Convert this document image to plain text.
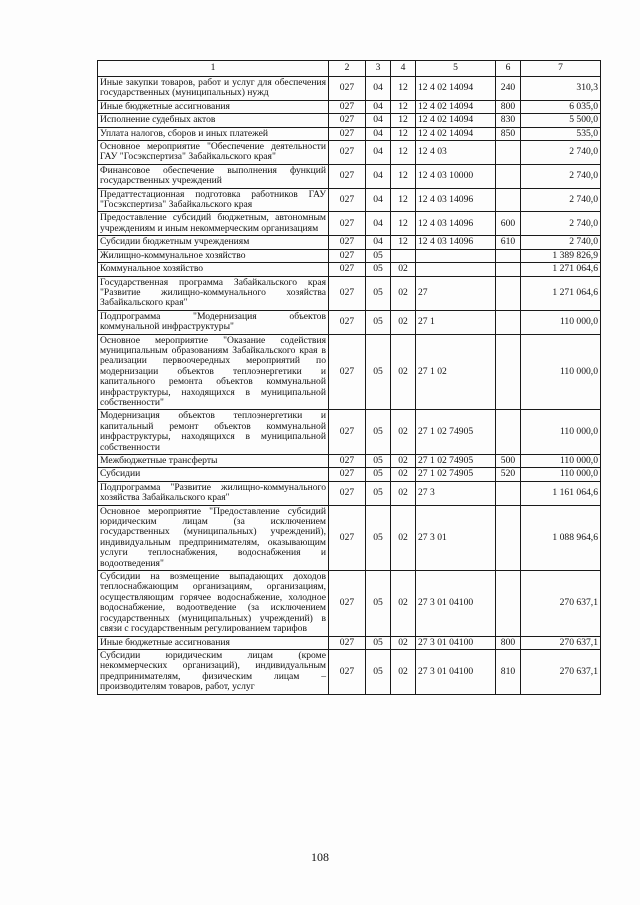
1	2	3	4	5	6	7
Иные закупки товаров, работ и услуг для обеспечения государственных (муниципальных) нужд	027	04	12	12 4 02 14094	240	310,3
Иные бюджетные ассигнования	027	04	12	12 4 02 14094	800	6 035,0
Исполнение судебных актов	027	04	12	12 4 02 14094	830	5 500,0
Уплата налогов, сборов и иных платежей	027	04	12	12 4 02 14094	850	535,0
Основное мероприятие "Обеспечение деятельности ГАУ "Госэкспертиза" Забайкальского края"	027	04	12	12 4 03		2 740,0
Финансовое обеспечение выполнения функций государственных учреждений	027	04	12	12 4 03 10000		2 740,0
Предаттестационная подготовка работников ГАУ "Госэкспертиза" Забайкальского края	027	04	12	12 4 03 14096		2 740,0
Предоставление субсидий бюджетным, автономным учреждениям и иным некоммерческим организациям	027	04	12	12 4 03 14096	600	2 740,0
Субсидии бюджетным учреждениям	027	04	12	12 4 03 14096	610	2 740,0
Жилищно-коммунальное хозяйство	027	05				1 389 826,9
Коммунальное хозяйство	027	05	02			1 271 064,6
Государственная программа Забайкальского края "Развитие жилищно-коммунального хозяйства Забайкальского края"	027	05	02	27		1 271 064,6
Подпрограмма "Модернизация объектов коммунальной инфраструктуры"	027	05	02	27 1		110 000,0
Основное мероприятие "Оказание содействия муниципальным образованиям Забайкальского края в реализации первоочередных мероприятий по модернизации объектов теплоэнергетики и капитального ремонта объектов коммунальной инфраструктуры, находящихся в муниципальной собственности"	027	05	02	27 1 02		110 000,0
Модернизация объектов теплоэнергетики и капитальный ремонт объектов коммунальной инфраструктуры, находящихся в муниципальной собственности	027	05	02	27 1 02 74905		110 000,0
Межбюджетные трансферты	027	05	02	27 1 02 74905	500	110 000,0
Субсидии	027	05	02	27 1 02 74905	520	110 000,0
Подпрограмма "Развитие жилищно-коммунального хозяйства Забайкальского края"	027	05	02	27 3		1 161 064,6
Основное мероприятие "Предоставление субсидий юридическим лицам (за исключением государственных (муниципальных) учреждений), индивидуальным предпринимателям, оказывающим услуги теплоснабжения, водоснабжения и водоотведения"	027	05	02	27 3 01		1 088 964,6
Субсидии на возмещение выпадающих доходов теплоснабжающим организациям, организациям, осуществляющим горячее водоснабжение, холодное водоснабжение, водоотведение (за исключением государственных (муниципальных) учреждений) в связи с государственным регулированием тарифов	027	05	02	27 3 01 04100		270 637,1
Иные бюджетные ассигнования	027	05	02	27 3 01 04100	800	270 637,1
Субсидии юридическим лицам (кроме некоммерческих организаций), индивидуальным предпринимателям, физическим лицам – производителям товаров, работ, услуг	027	05	02	27 3 01 04100	810	270 637,1
108
